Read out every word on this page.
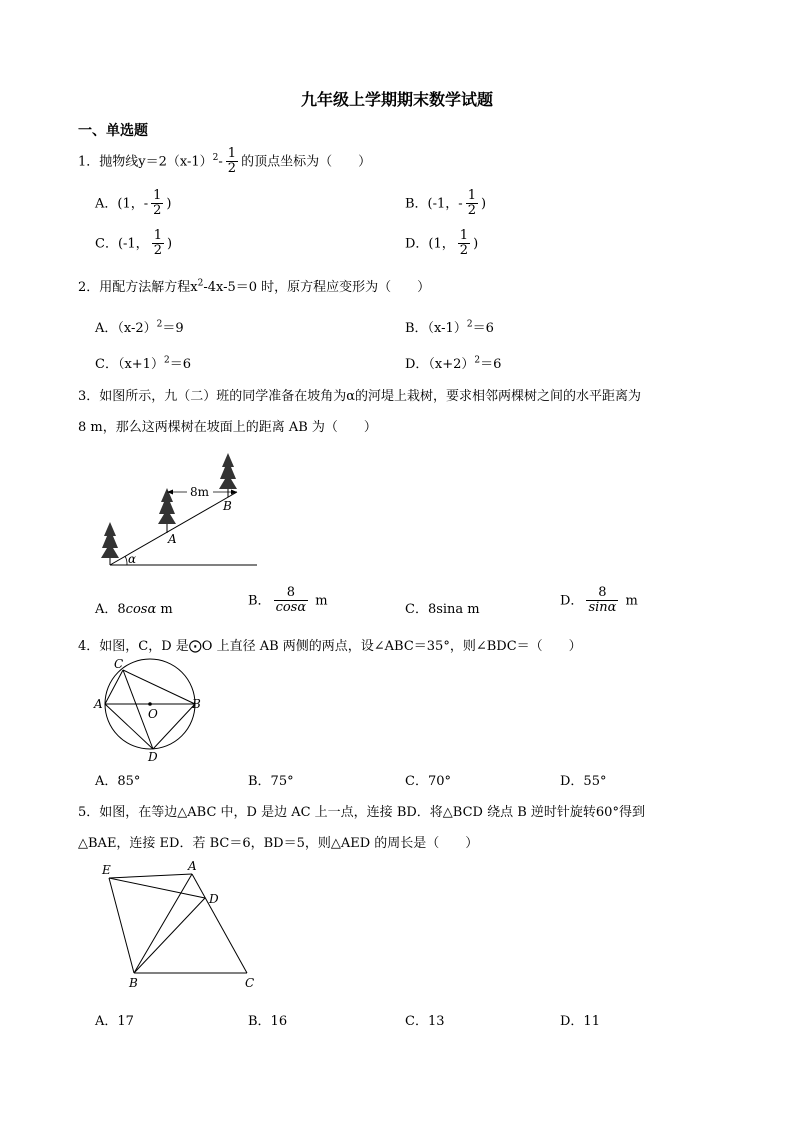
九年级上学期期末数学试题
一、单选题
1．抛物线$y=2(x-1)^2- \frac{1}{2}$ 的顶点坐标为（　　）
A．(1，- $\frac{1}{2}$ )	B．(-1，- $\frac{1}{2}$ )
C．(-1， $\frac{1}{2}$ )	D．(1， $\frac{1}{2}$ )
2．用配方法解方程$x^2-4x-5=0$ 时，原方程应变形为（　　）
A．$(x-2)^2=9$	B．$(x-1)^2=6$
C．$(x+1)^2=6$	D．$(x+2)^2=6$
3．如图所示，九（二）班的同学准备在坡角为α的河堤上栽树，要求相邻两棵树之间的水平距离为
8 m，那么这两棵树在坡面上的距离 AB 为（　　）
8m
A
B
α
A．8cosα m
B． $\frac{8}{\cos\alpha}$ m
C．8sina m
D． $\frac{8}{\sin\alpha}$ m
4．如图，C，D 是⨀O 上直径 AB 两侧的两点，设∠ABC＝35°，则∠BDC＝（　　）
A	B
C
D
O
A．85°	B．75°	C．70°	D．55°
5．如图，在等边△ABC 中，D 是边 AC 上一点，连接 BD．将△BCD 绕点 B 逆时针旋转60°得到
△BAE，连接 ED．若 BC＝6，BD＝5，则△AED 的周长是（　　）
E	A
D
B	C
A．17	B．16	C．13	D．11
